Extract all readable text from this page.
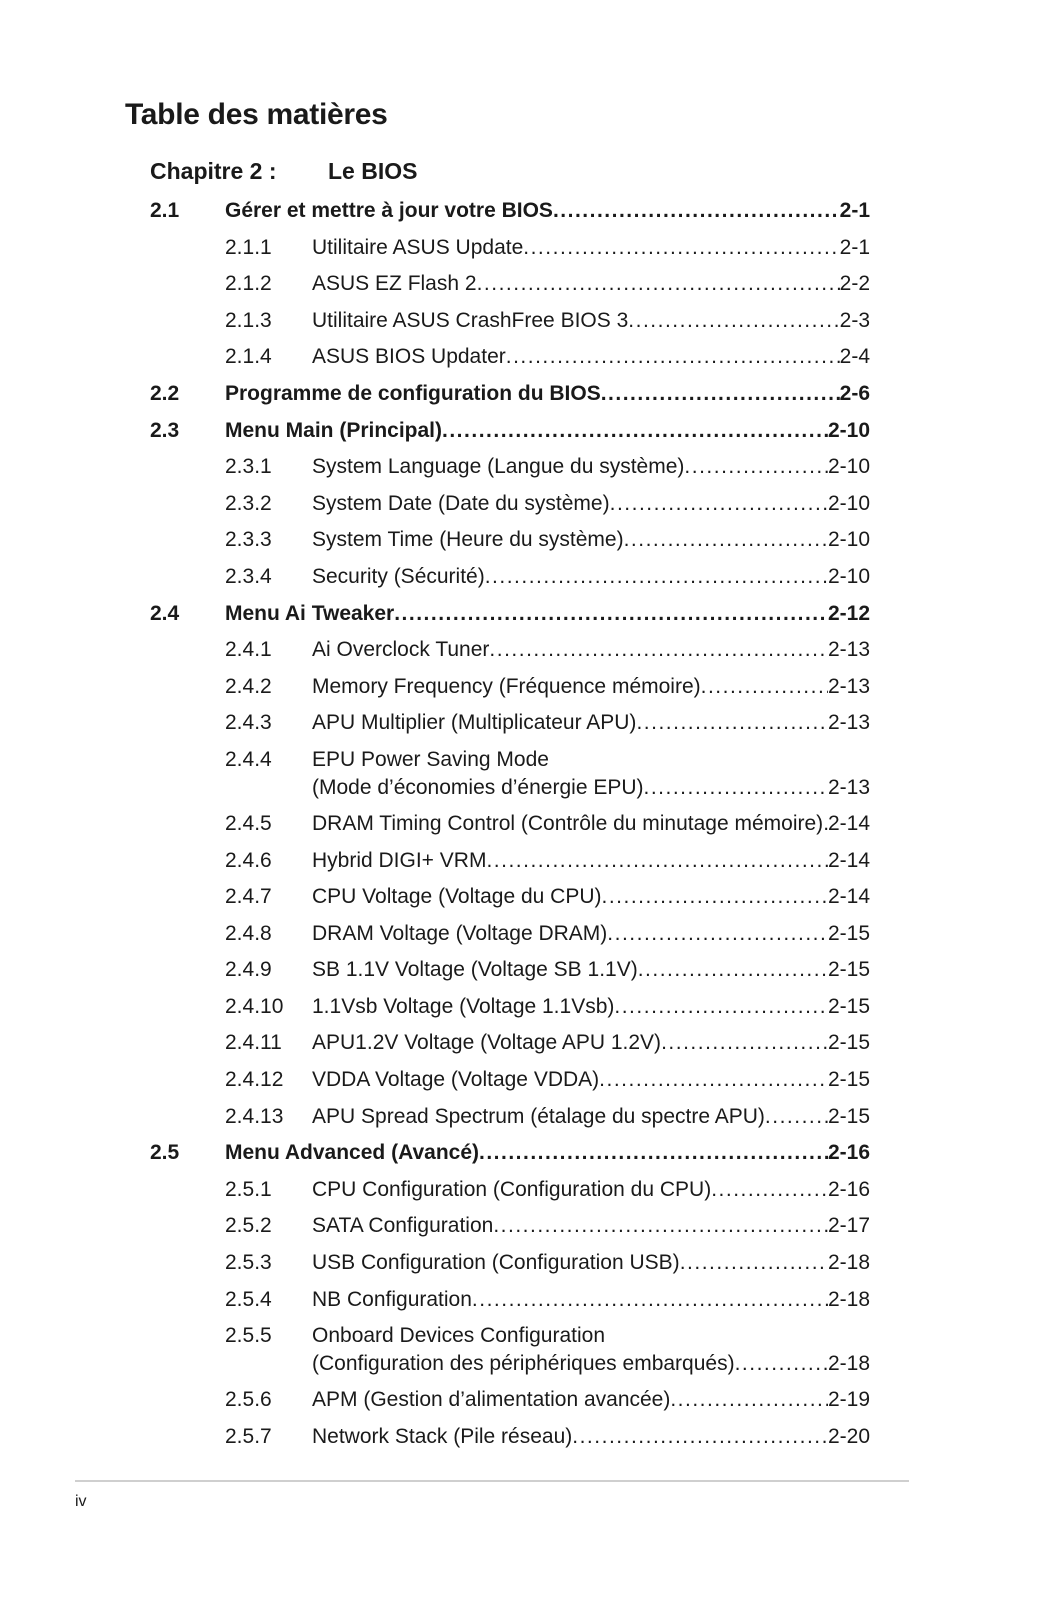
Table des matières
Chapitre 2 :	Le BIOS
2.1 Gérer et mettre à jour votre BIOS .....	2-1
2.1.1 Utilitaire ASUS Update .....	2-1
2.1.2 ASUS EZ Flash 2 .....	2-2
2.1.3 Utilitaire ASUS CrashFree BIOS 3 .....	2-3
2.1.4 ASUS BIOS Updater .....	2-4
2.2 Programme de configuration du BIOS .....	2-6
2.3 Menu Main (Principal) .....	2-10
2.3.1 System Language (Langue du système) .....	2-10
2.3.2 System Date (Date du système) .....	2-10
2.3.3 System Time (Heure du système) .....	2-10
2.3.4 Security (Sécurité) .....	2-10
2.4 Menu Ai Tweaker .....	2-12
2.4.1 Ai Overclock Tuner .....	2-13
2.4.2 Memory Frequency (Fréquence mémoire) .....	2-13
2.4.3 APU Multiplier (Multiplicateur APU) .....	2-13
2.4.4 EPU Power Saving Mode
(Mode d’économies d’énergie EPU) .....	2-13
2.4.5 DRAM Timing Control (Contrôle du minutage mémoire) ..... 2-14
2.4.6 Hybrid DIGI+ VRM .....	2-14
2.4.7 CPU Voltage (Voltage du CPU) .....	2-14
2.4.8 DRAM Voltage (Voltage DRAM) .....	2-15
2.4.9 SB 1.1V Voltage (Voltage SB 1.1V) .....	2-15
2.4.10 1.1Vsb Voltage (Voltage 1.1Vsb) .....	2-15
2.4.11 APU1.2V Voltage (Voltage APU 1.2V) .....	2-15
2.4.12 VDDA Voltage (Voltage VDDA) .....	2-15
2.4.13 APU Spread Spectrum (étalage du spectre APU) .....	2-15
2.5 Menu Advanced (Avancé) .....	2-16
2.5.1 CPU Configuration (Configuration du CPU) .....	2-16
2.5.2 SATA Configuration .....	2-17
2.5.3 USB Configuration (Configuration USB) .....	2-18
2.5.4 NB Configuration .....	2-18
2.5.5 Onboard Devices Configuration
(Configuration des périphériques embarqués) .....	2-18
2.5.6 APM (Gestion d’alimentation avancée) .....	2-19
2.5.7 Network Stack (Pile réseau) .....	2-20
iv
